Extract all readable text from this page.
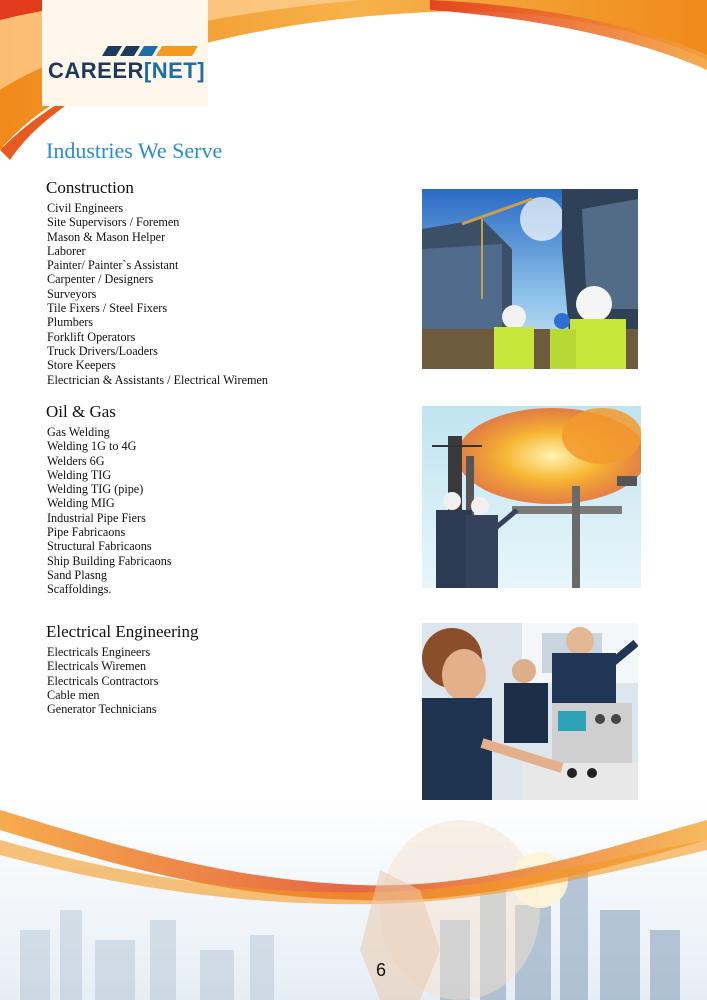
CAREER[NET]
Industries We Serve
Construction
Civil Engineers
Site Supervisors / Foremen
Mason & Mason Helper
Laborer
Painter/ Painter`s Assistant
Carpenter / Designers
Surveyors
Tile Fixers / Steel Fixers
Plumbers
Forklift Operators
Truck Drivers/Loaders
Store Keepers
Electrician & Assistants / Electrical Wiremen
Oil & Gas
Gas Welding
Welding 1G to 4G
Welders 6G
Welding TIG
Welding TIG (pipe)
Welding MIG
Industrial Pipe Fiers
Pipe Fabricaons
Structural Fabricaons
Ship Building Fabricaons
Sand Plasng
Scaffoldings.
Electrical Engineering
Electricals Engineers
Electricals Wiremen
Electricals Contractors
Cable men
Generator Technicians
6
